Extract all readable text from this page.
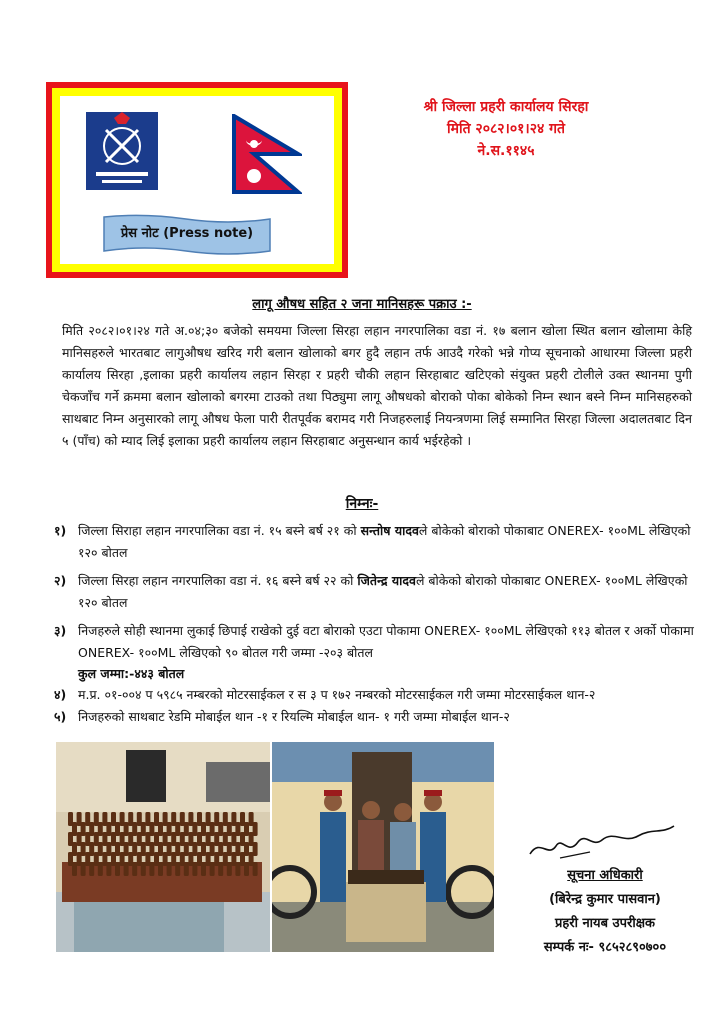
प्रेस नोट (Press note)
श्री जिल्ला प्रहरी कार्यालय सिरहा
मिति २०८२।०१।२४ गते
ने.स.११४५
लागू औषध सहित २ जना मानिसहरू पक्राउ :-
मिति २०८२।०१।२४ गते अ.०४;३० बजेको समयमा जिल्ला सिरहा लहान नगरपालिका वडा नं. १७ बलान खोला स्थित बलान खोलामा केहि मानिसहरुले भारतबाट लागुऔषध खरिद गरी बलान खोलाको बगर हुदै लहान तर्फ आउदै गरेको भन्ने गोप्य सूचनाको आधारमा जिल्ला प्रहरी कार्यालय सिरहा ,इलाका प्रहरी कार्यालय लहान सिरहा र प्रहरी चौकी लहान सिरहाबाट खटिएको संयुक्त प्रहरी टोलीले उक्त स्थानमा पुगी चेकजाँच गर्ने क्रममा बलान खोलाको बगरमा टाउको तथा पिठ्युमा लागू औषधको बोराको पोका बोकेको निम्न स्थान बस्ने निम्न मानिसहरुको साथबाट निम्न अनुसारको लागू औषध फेला पारी रीतपूर्वक बरामद गरी निजहरुलाई नियन्त्रणमा लिई सम्मानित सिरहा जिल्ला अदालतबाट दिन ५ (पाँच) को म्याद लिई इलाका प्रहरी कार्यालय लहान सिरहाबाट अनुसन्धान कार्य भईरहेको ।
निम्नः-
१) जिल्ला सिराहा लहान नगरपालिका वडा नं. १५ बस्ने बर्ष २१ को सन्तोष यादवले बोकेको बोराको पोकाबाट ONEREX- १००ML लेखिएको १२० बोतल
२) जिल्ला सिरहा लहान नगरपालिका वडा नं. १६ बस्ने बर्ष २२ को जितेन्द्र यादवले बोकेको बोराको पोकाबाट ONEREX- १००ML लेखिएको १२० बोतल
३) निजहरुले सोही स्थानमा लुकाई छिपाई राखेको दुई वटा बोराको एउटा पोकामा ONEREX- १००ML लेखिएको ११३ बोतल र अर्को पोकामा ONEREX- १००ML लेखिएको ९० बोतल गरी जम्मा -२०३ बोतल
कुल जम्मा:-४४३ बोतल
४) म.प्र. ०१-००४ प ५९८५ नम्बरको मोटरसाईकल र स ३ प १७२ नम्बरको मोटरसाईकल गरी जम्मा मोटरसाईकल थान-२
५) निजहरुको साथबाट रेडमि मोबाईल थान -१ र रियल्मि मोबाईल थान- १ गरी जम्मा मोबाईल थान-२
सूचना अधिकारी
(बिरेन्द्र कुमार पासवान)
प्रहरी नायब उपरीक्षक
सम्पर्क नः- ९८५२८९०७००
